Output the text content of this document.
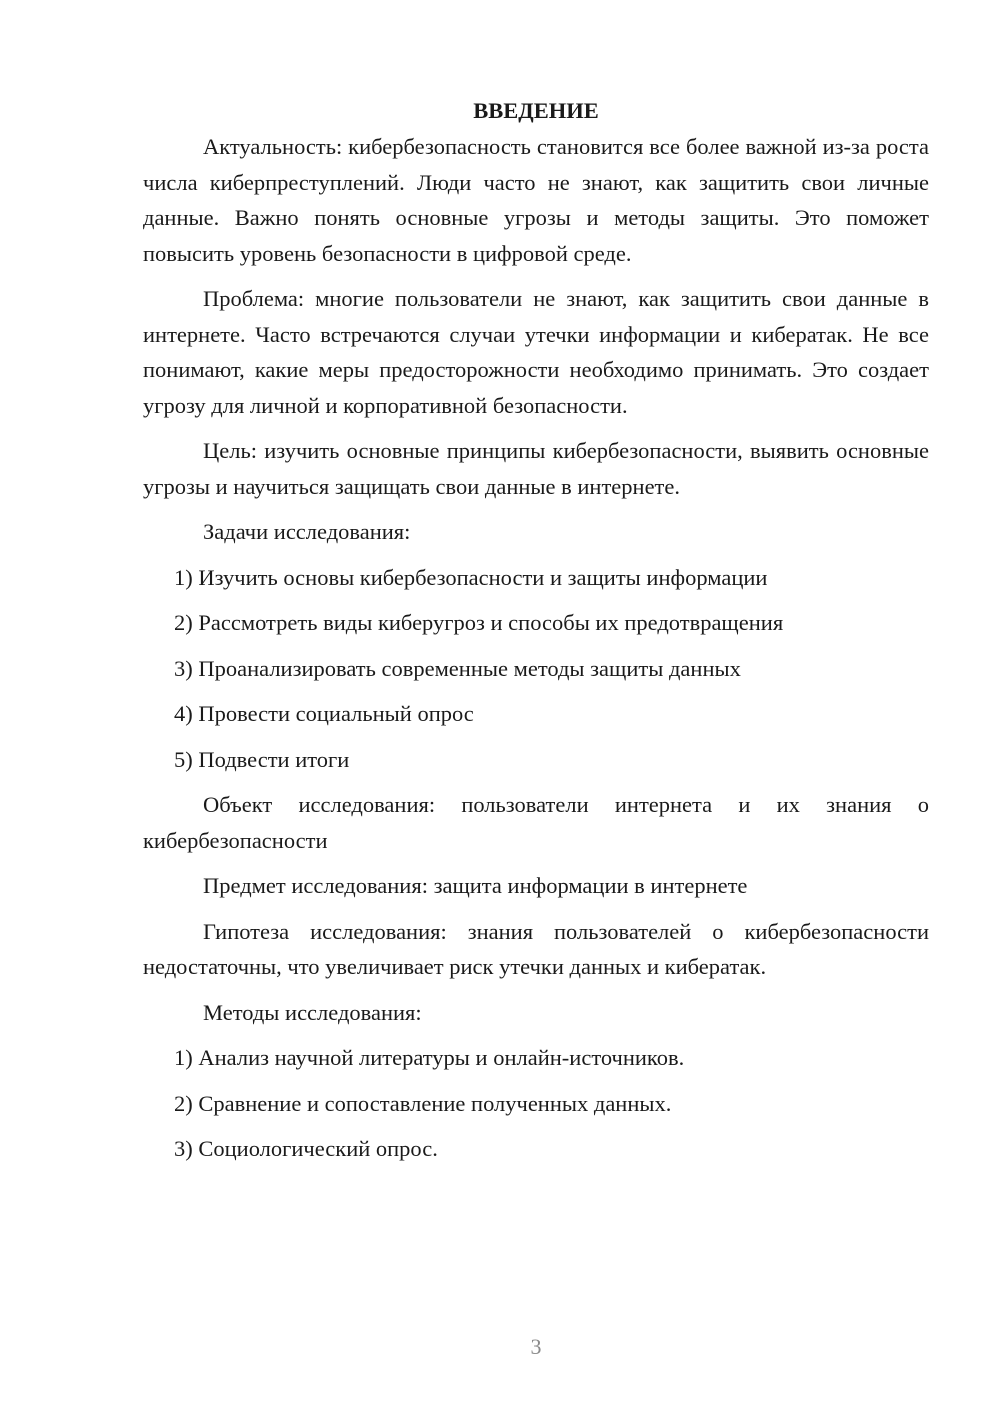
ВВЕДЕНИЕ

Актуальность: кибербезопасность становится все более важной из-за роста числа киберпреступлений. Люди часто не знают, как защитить свои личные данные. Важно понять основные угрозы и методы защиты. Это поможет повысить уровень безопасности в цифровой среде.

Проблема: многие пользователи не знают, как защитить свои данные в интернете. Часто встречаются случаи утечки информации и кибератак. Не все понимают, какие меры предосторожности необходимо принимать. Это создает угрозу для личной и корпоративной безопасности.

Цель: изучить основные принципы кибербезопасности, выявить основные угрозы и научиться защищать свои данные в интернете.

Задачи исследования:

1) Изучить основы кибербезопасности и защиты информации

2) Рассмотреть виды киберугроз и способы их предотвращения

3) Проанализировать современные методы защиты данных

4) Провести социальный опрос

5) Подвести итоги

Объект исследования: пользователи интернета и их знания о кибербезопасности

Предмет исследования: защита информации в интернете

Гипотеза исследования: знания пользователей о кибербезопасности недостаточны, что увеличивает риск утечки данных и кибератак.

Методы исследования:

1) Анализ научной литературы и онлайн-источников.

2) Сравнение и сопоставление полученных данных.

3) Социологический опрос.

3
